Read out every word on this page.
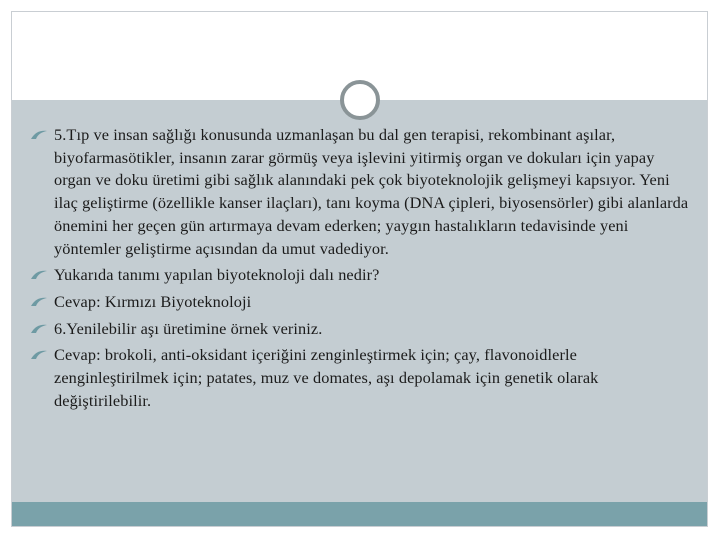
5.Tıp ve insan sağlığı konusunda uzmanlaşan bu dal gen terapisi, rekombinant aşılar, biyofarmasötikler, insanın zarar görmüş veya işlevini yitirmiş organ ve dokuları için yapay organ ve doku üretimi gibi sağlık alanındaki pek çok biyoteknolojik gelişmeyi kapsıyor. Yeni ilaç geliştirme (özellikle kanser ilaçları), tanı koyma (DNA çipleri, biyosensörler) gibi alanlarda önemini her geçen gün artırmaya devam ederken; yaygın hastalıkların tedavisinde yeni yöntemler geliştirme açısından da umut vadediyor.
Yukarıda tanımı yapılan biyoteknoloji dalı nedir?
Cevap: Kırmızı Biyoteknoloji
6.Yenilebilir aşı üretimine örnek veriniz.
Cevap: brokoli, anti-oksidant içeriğini zenginleştirmek için; çay, flavonoidlerle zenginleştirilmek için; patates, muz ve domates, aşı depolamak için genetik olarak değiştirilebilir.
